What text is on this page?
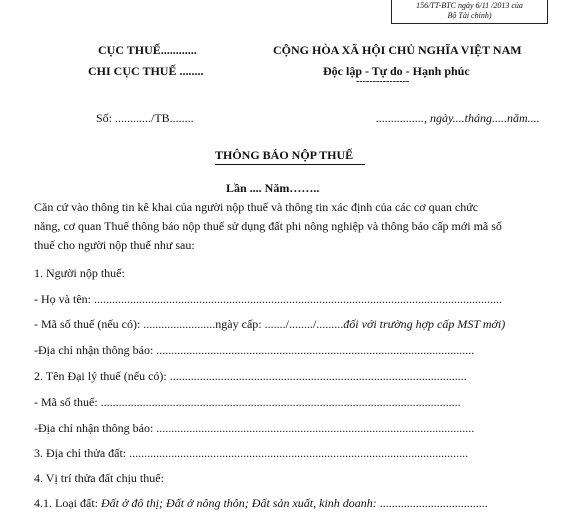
156/TT-BTC ngày 6/11 /2013 của
Bộ Tài chính)
CỤC THUẾ............
CHI CỤC THUẾ ........
CỘNG HÒA XÃ HỘI CHỦ NGHĨA VIỆT NAM
Độc lập - Tự do - Hạnh phúc
----------------
Số: ............/TB........	................, ngày....tháng.....năm....
THÔNG BÁO NỘP THUẾ
Lần .... Năm……..
Căn cứ vào thông tin kê khai của người nộp thuế và thông tin xác định của các cơ quan chức
năng, cơ quan Thuế thông báo nộp thuế sử dụng đất phi nông nghiệp và thông báo cấp mới mã số
thuế cho người nộp thuế như sau:
1. Người nộp thuế:
- Họ và tên: ........................................................................................................................................
- Mã số thuế (nếu có): ........................ngày cấp: ......./......../.........đối với trường hợp cấp MST mới)
-Địa chỉ nhận thông báo: ..........................................................................................................
2. Tên Đại lý thuế (nếu có): ...................................................................................................
- Mã số thuế: ........................................................................................................................
-Địa chỉ nhận thông báo: ..........................................................................................................
3. Địa chỉ thửa đất: .................................................................................................................
4. Vị trí thửa đất chịu thuế:
4.1. Loại đất: Đất ở đô thị; Đất ở nông thôn; Đất sản xuất, kinh doanh: ....................................
